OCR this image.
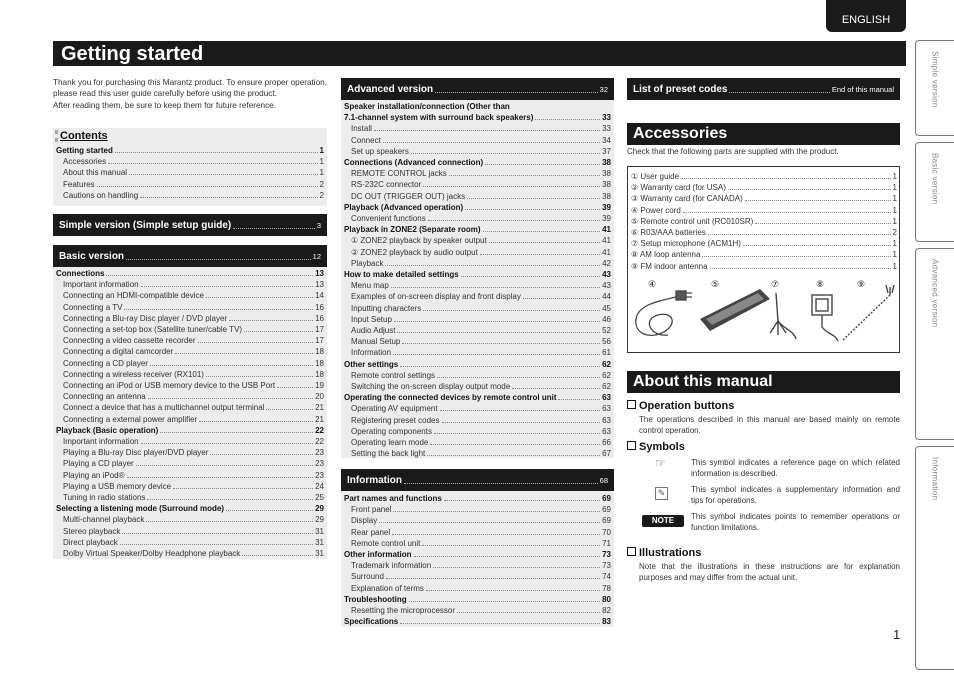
ENGLISH
Getting started	Simple version
Basic version
Advanced version
Information

Thank you for purchasing this Marantz product. To ensure proper operation, please read this user guide carefully before using the product.

After reading them, be sure to keep them for future reference.

Contents
Getting started	1
Accessories	1
About this manual	1
Features	2
Cautions on handling	2
Simple version (Simple setup guide)	3
Basic version	12
Connections	13
Important information	13
Connecting an HDMI-compatible device	14
Connecting a TV	16
Connecting a Blu-ray Disc player / DVD player	16
Connecting a set-top box (Satellite tuner/cable TV)	17
Connecting a video cassette recorder	17
Connecting a digital camcorder	18
Connecting a CD player	18
Connecting a wireless receiver (RX101)	18
Connecting an iPod or USB memory device to the USB Port	19
Connecting an antenna	20
Connect a device that has a multichannel output terminal	21
Connecting a external power amplifier	21
Playback (Basic operation)	22
Important information	22
Playing a Blu-ray Disc player/DVD player	23
Playing a CD player	23
Playing an iPod®	23
Playing a USB memory device	24
Tuning in radio stations	25
Selecting a listening mode (Surround mode)	29
Multi-channel playback	29
Stereo playback	31
Direct playback	31
Dolby Virtual Speaker/Dolby Headphone playback	31
Advanced version	32
Speaker installation/connection (Other than
7.1-channel system with surround back speakers)	33
Install	33
Connect	34
Set up speakers	37
Connections (Advanced connection)	38
REMOTE CONTROL jacks	38
RS-232C connector	38
DC OUT (TRIGGER OUT) jacks	38
Playback (Advanced operation)	39
Convenient functions	39
Playback in ZONE2 (Separate room)	41
① ZONE2 playback by speaker output	41
② ZONE2 playback by audio output	41
Playback	42
How to make detailed settings	43
Menu map	43
Examples of on-screen display and front display	44
Inputting characters	45
Input Setup	46
Audio Adjust	52
Manual Setup	56
Information	61
Other settings	62
Remote control settings	62
Switching the on-screen display output mode	62
Operating the connected devices by remote control unit	63
Operating AV equipment	63
Registering preset codes	63
Operating components	63
Operating learn mode	66
Setting the back light	67
Information	68
Part names and functions	69
Front panel	69
Display	69
Rear panel	70
Remote control unit	71
Other information	73
Trademark information	73
Surround	74
Explanation of terms	78
Troubleshooting	80
Resetting the microprocessor	82
Specifications	83
List of preset codes	End of this manual
Accessories
Check that the following parts are supplied with the product.
① User guide	1
② Warranty card (for USA)	1
③ Warranty card (for CANADA)	1
④ Power cord	1
⑤ Remote control unit (RC010SR)	1
⑥ R03/AAA batteries	2
⑦ Setup microphone (ACM1H)	1
⑧ AM loop antenna	1
⑨ FM indoor antenna	1
④	⑤	⑦	⑧	⑨
About this manual
Operation buttons
The operations described in this manual are based mainly on remote control operation.
Symbols
☞	This symbol indicates a reference page on which related information is described.
✎	This symbol indicates a supplementary information and tips for operations.
NOTE	This symbol indicates points to remember operations or function limitations.
Illustrations
Note that the illustrations in these instructions are for explanation purposes and may differ from the actual unit.
1
